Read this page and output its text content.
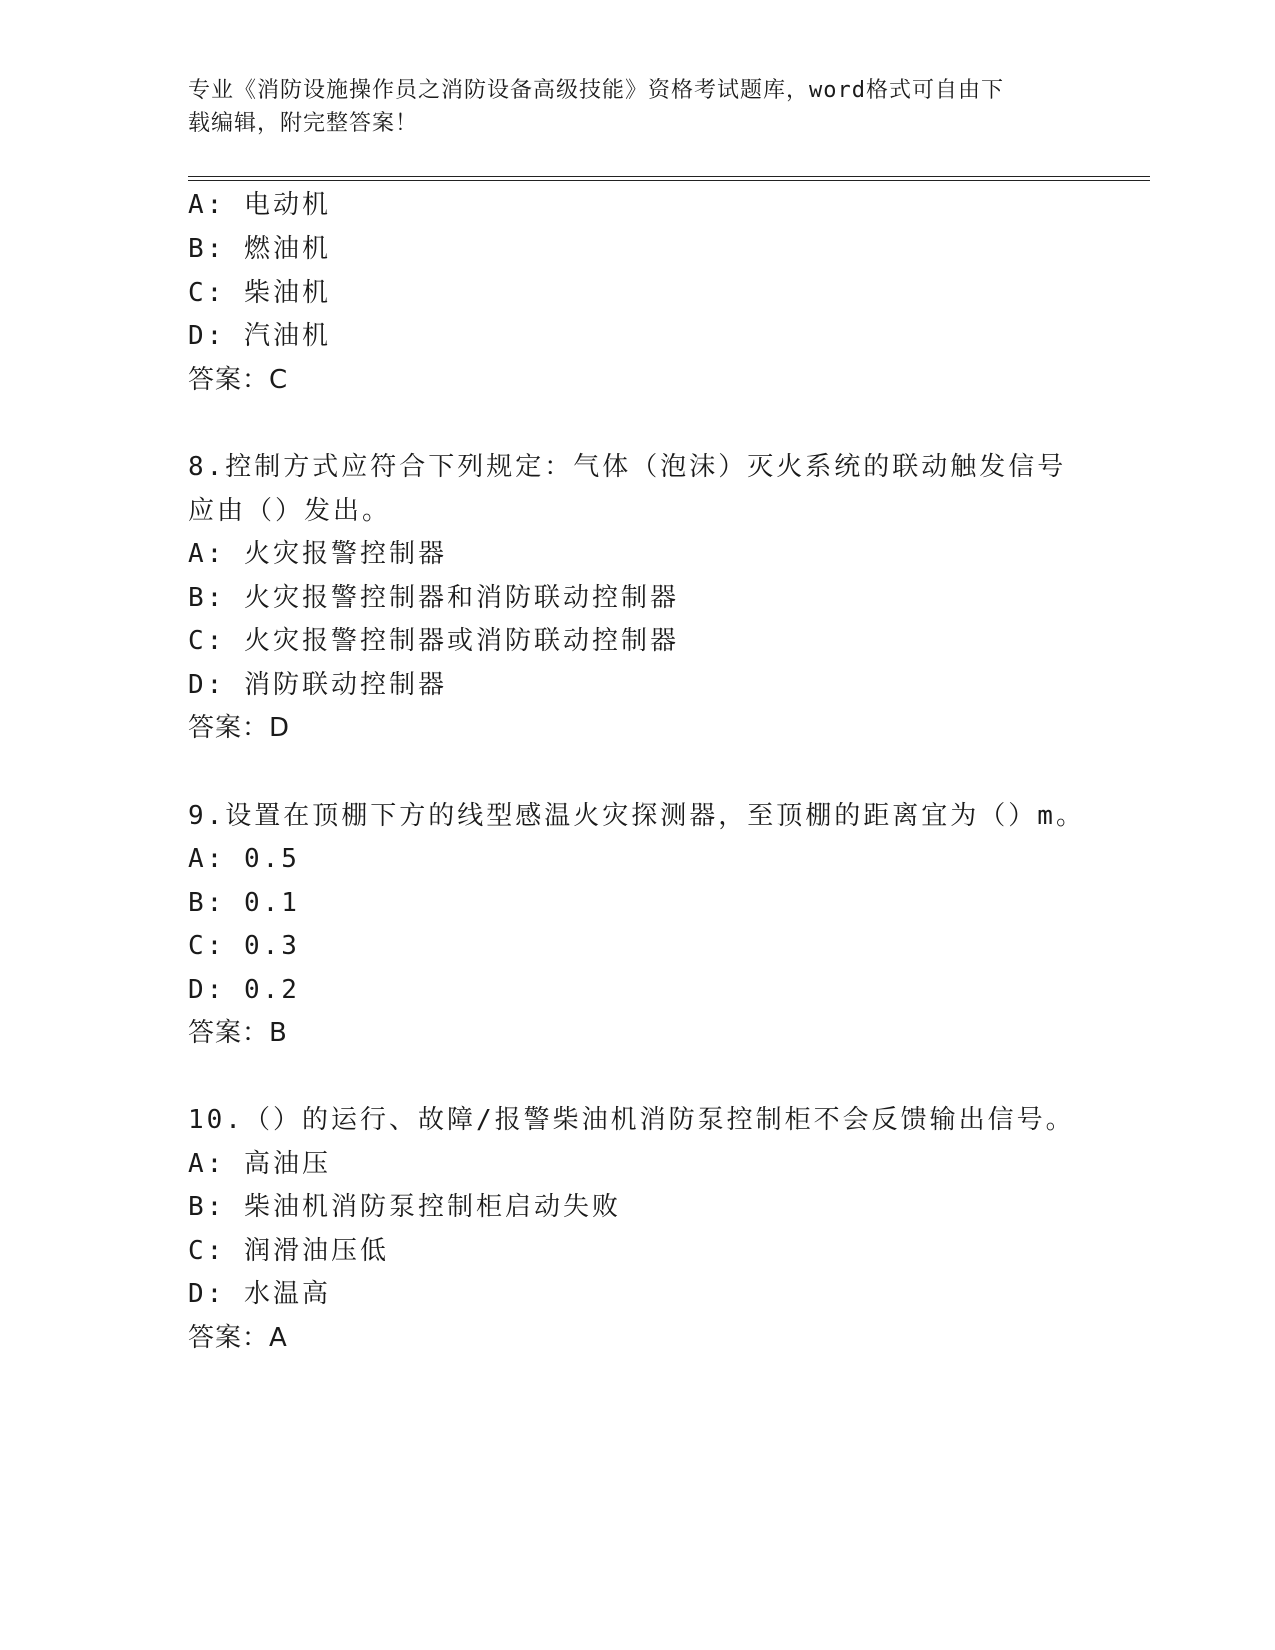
专业《消防设施操作员之消防设备高级技能》资格考试题库，word格式可自由下
载编辑，附完整答案！
A: 电动机
B: 燃油机
C: 柴油机
D: 汽油机
答案：C
8.控制方式应符合下列规定：气体（泡沫）灭火系统的联动触发信号
应由（）发出。
A: 火灾报警控制器
B: 火灾报警控制器和消防联动控制器
C: 火灾报警控制器或消防联动控制器
D: 消防联动控制器
答案：D
9.设置在顶棚下方的线型感温火灾探测器，至顶棚的距离宜为（）m。
A: 0.5
B: 0.1
C: 0.3
D: 0.2
答案：B
10.（）的运行、故障/报警柴油机消防泵控制柜不会反馈输出信号。
A: 高油压
B: 柴油机消防泵控制柜启动失败
C: 润滑油压低
D: 水温高
答案：A
